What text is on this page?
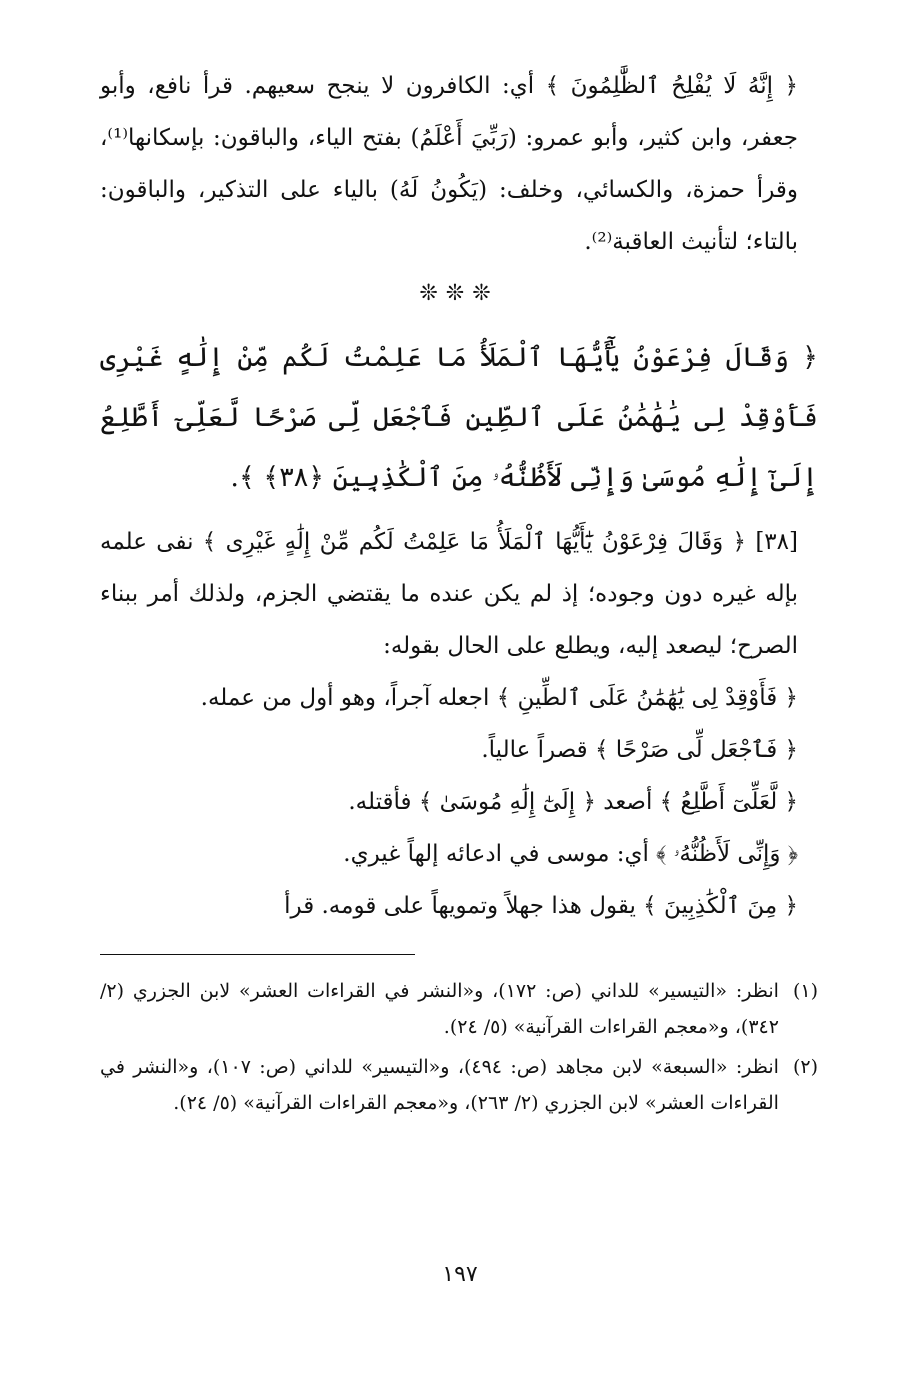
﴿ إِنَّهُ لَا يُفْلِحُ ٱلظَّٰلِمُونَ ﴾ أي: الكافرون لا ينجح سعيهم. قرأ نافع، وأبو جعفر، وابن كثير، وأبو عمرو: (رَبِّيَ أَعْلَمُ) بفتح الياء، والباقون: بإسكانها⁽¹⁾، وقرأ حمزة، والكسائي، وخلف: (يَكُونُ لَهُ) بالياء على التذكير، والباقون: بالتاء؛ لتأنيث العاقبة⁽²⁾.

❊❊❊

﴿ وَقَالَ فِرْعَوْنُ يَٰٓأَيُّهَا ٱلْمَلَأُ مَا عَلِمْتُ لَكُم مِّنْ إِلَٰهٍ غَيْرِى فَأَوْقِدْ لِى يَٰهَٰمَٰنُ عَلَى ٱلطِّينِ فَٱجْعَل لِّى صَرْحًا لَّعَلِّىٓ أَطَّلِعُ إِلَىٰٓ إِلَٰهِ مُوسَىٰ وَإِنِّى لَأَظُنُّهُۥ مِنَ ٱلْكَٰذِبِينَ ﴿٣٨﴾ ﴾.

[٣٨] ﴿ وَقَالَ فِرْعَوْنُ يَٰٓأَيُّهَا ٱلْمَلَأُ مَا عَلِمْتُ لَكُم مِّنْ إِلَٰهٍ غَيْرِى ﴾ نفى علمه بإله غيره دون وجوده؛ إذ لم يكن عنده ما يقتضي الجزم، ولذلك أمر ببناء الصرح؛ ليصعد إليه، ويطلع على الحال بقوله:

﴿ فَأَوْقِدْ لِى يَٰهَٰمَٰنُ عَلَى ٱلطِّينِ ﴾ اجعله آجراً، وهو أول من عمله.

﴿ فَٱجْعَل لِّى صَرْحًا ﴾ قصراً عالياً.

﴿ لَّعَلِّىٓ أَطَّلِعُ ﴾ أصعد ﴿ إِلَىٰٓ إِلَٰهِ مُوسَىٰ ﴾ فأقتله.

﴿ وَإِنِّى لَأَظُنُّهُۥ ﴾ أي: موسى في ادعائه إلهاً غيري.

﴿ مِنَ ٱلْكَٰذِبِينَ ﴾ يقول هذا جهلاً وتمويهاً على قومه. قرأ

(١)
انظر: «التيسير» للداني (ص: ١٧٢)، و«النشر في القراءات العشر» لابن الجزري (٢/ ٣٤٢)، و«معجم القراءات القرآنية» (٥/ ٢٤).
(٢)
انظر: «السبعة» لابن مجاهد (ص: ٤٩٤)، و«التيسير» للداني (ص: ١٠٧)، و«النشر في القراءات العشر» لابن الجزري (٢/ ٢٦٣)، و«معجم القراءات القرآنية» (٥/ ٢٤).
١٩٧
